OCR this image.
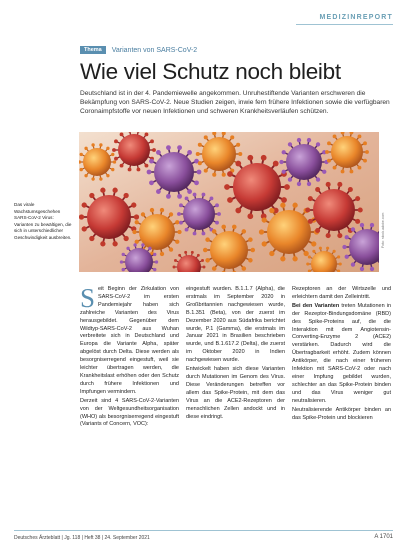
MEDIZINREPORT
Thema	Varianten von SARS-CoV-2
Wie viel Schutz noch bleibt

Deutschland ist in der 4. Pandemiewelle angekommen. Unruhestiftende Varianten erschweren die Bekämpfung von SARS-CoV-2. Neue Studien zeigen, inwie fern frühere Infektionen sowie die verfügbaren Coronaimpfstoffe vor neuen Infektionen und schweren Krankheitsverläufen schützen.

Foto: stock.adobe.com

Das virale Wachstumsgeschehen SARS-CoV-2 Virus: Varianten zu bewältigen, die sich in unterschiedlicher Geschwindigkeit ausbreiten.

S eit Beginn der Zirkulation von SARS-CoV-2 im ersten Pandemiejahr haben sich zahlreiche Varianten des Virus herausgebildet. Gegenüber dem Wildtyp-SARS-CoV-2 aus Wuhan verbreitete sich in Deutschland und Europa die Variante Alpha, später abgelöst durch Delta. Diese werden als besorgniserregend eingestuft, weil sie leichter übertragen werden, die Krankheitslast erhöhen oder den Schutz durch frühere Infektionen und Impfungen vermindern.

Derzeit sind 4 SARS-CoV-2-Varianten von der Weltgesundheitsorganisation (WHO) als besorgniserregend eingestuft (Variants of Concern, VOC):

eingestuft wurden. B.1.1.7 (Alpha), die erstmals im September 2020 in Großbritannien nachgewiesen wurde, B.1.351 (Beta), von der zuerst im Dezember 2020 aus Südafrika berichtet wurde, P.1 (Gamma), die erstmals im Januar 2021 in Brasilien beschrieben wurde, und B.1.617.2 (Delta), die zuerst im Oktober 2020 in Indien nachgewiesen wurde.

Entwickelt haben sich diese Varianten durch Mutationen im Genom des Virus. Diese Veränderungen betreffen vor allem das Spike-Protein, mit dem das Virus an die ACE2-Rezeptoren der menschlichen Zellen andockt und in diese eindringt.

Rezeptoren an der Wirtszelle und erleichtern damit den Zelleintritt.

Bei den Varianten treten Mutationen in der Rezeptor-Bindungsdomäne (RBD) des Spike-Proteins auf, die die Interaktion mit dem Angiotensin-Converting-Enzyme 2 (ACE2) verstärken. Dadurch wird die Übertragbarkeit erhöht. Zudem können Antikörper, die nach einer früheren Infektion mit SARS-CoV-2 oder nach einer Impfung gebildet wurden, schlechter an das Spike-Protein binden und das Virus weniger gut neutralisieren.

Neutralisierende Antikörper binden an das Spike-Protein und blockieren

Deutsches Ärzteblatt | Jg. 118 | Heft 38 | 24. September 2021	A 1701
